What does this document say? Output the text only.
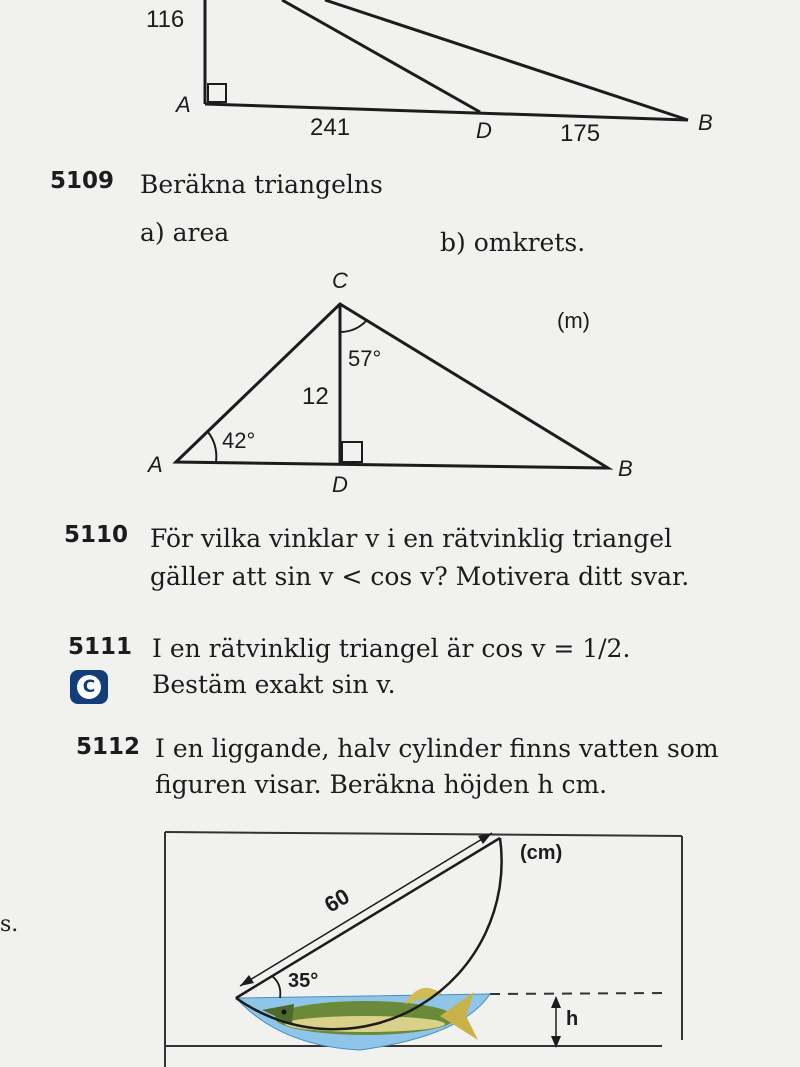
116
A
241	D	175	B
5109 Beräkna triangelns
a) area	b) omkrets.
C
(m)
57°
12
42°
A	B
D
5110 För vilka vinklar v i en rätvinklig triangel
gäller att sin v < cos v? Motivera ditt svar.
5111
C
I en rätvinklig triangel är cos v = 1/2.
Bestäm exakt sin v.
5112 I en liggande, halv cylinder finns vatten som
figuren visar. Beräkna höjden h cm.
s.
(cm)
60
35°
h
